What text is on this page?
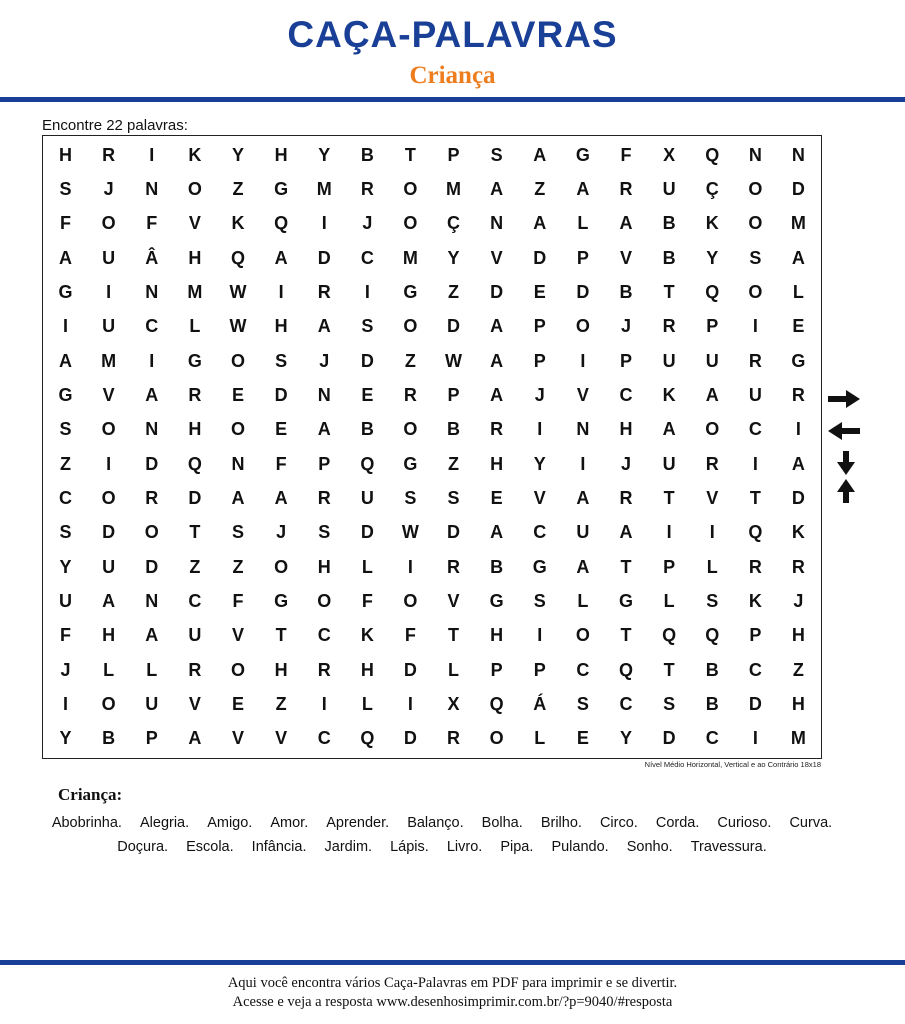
CAÇA-PALAVRAS
Criança
Encontre 22 palavras:
H	R	I	K	Y	H	Y	B	T	P	S	A	G	F	X	Q	N	N
S	J	N	O	Z	G	M	R	O	M	A	Z	A	R	U	Ç	O	D
F	O	F	V	K	Q	I	J	O	Ç	N	A	L	A	B	K	O	M
A	U	Â	H	Q	A	D	C	M	Y	V	D	P	V	B	Y	S	A
G	I	N	M	W	I	R	I	G	Z	D	E	D	B	T	Q	O	L
I	U	C	L	W	H	A	S	O	D	A	P	O	J	R	P	I	E
A	M	I	G	O	S	J	D	Z	W	A	P	I	P	U	U	R	G
G	V	A	R	E	D	N	E	R	P	A	J	V	C	K	A	U	R
S	O	N	H	O	E	A	B	O	B	R	I	N	H	A	O	C	I
Z	I	D	Q	N	F	P	Q	G	Z	H	Y	I	J	U	R	I	A
C	O	R	D	A	A	R	U	S	S	E	V	A	R	T	V	T	D
S	D	O	T	S	J	S	D	W	D	A	C	U	A	I	I	Q	K
Y	U	D	Z	Z	O	H	L	I	R	B	G	A	T	P	L	R	R
U	A	N	C	F	G	O	F	O	V	G	S	L	G	L	S	K	J
F	H	A	U	V	T	C	K	F	T	H	I	O	T	Q	Q	P	H
J	L	L	R	O	H	R	H	D	L	P	P	C	Q	T	B	C	Z
I	O	U	V	E	Z	I	L	I	X	Q	Á	S	C	S	B	D	H
Y	B	P	A	V	V	C	Q	D	R	O	L	E	Y	D	C	I	M
Nível Médio Horizontal, Vertical e ao Contrário 18x18
Criança:
Abobrinha. Alegria. Amigo. Amor. Aprender. Balanço. Bolha. Brilho. Circo. Corda. Curioso. Curva. Doçura. Escola. Infância. Jardim. Lápis. Livro. Pipa. Pulando. Sonho. Travessura.
Aqui você encontra vários Caça-Palavras em PDF para imprimir e se divertir.
Acesse e veja a resposta www.desenhosimprimir.com.br/?p=9040/#resposta
